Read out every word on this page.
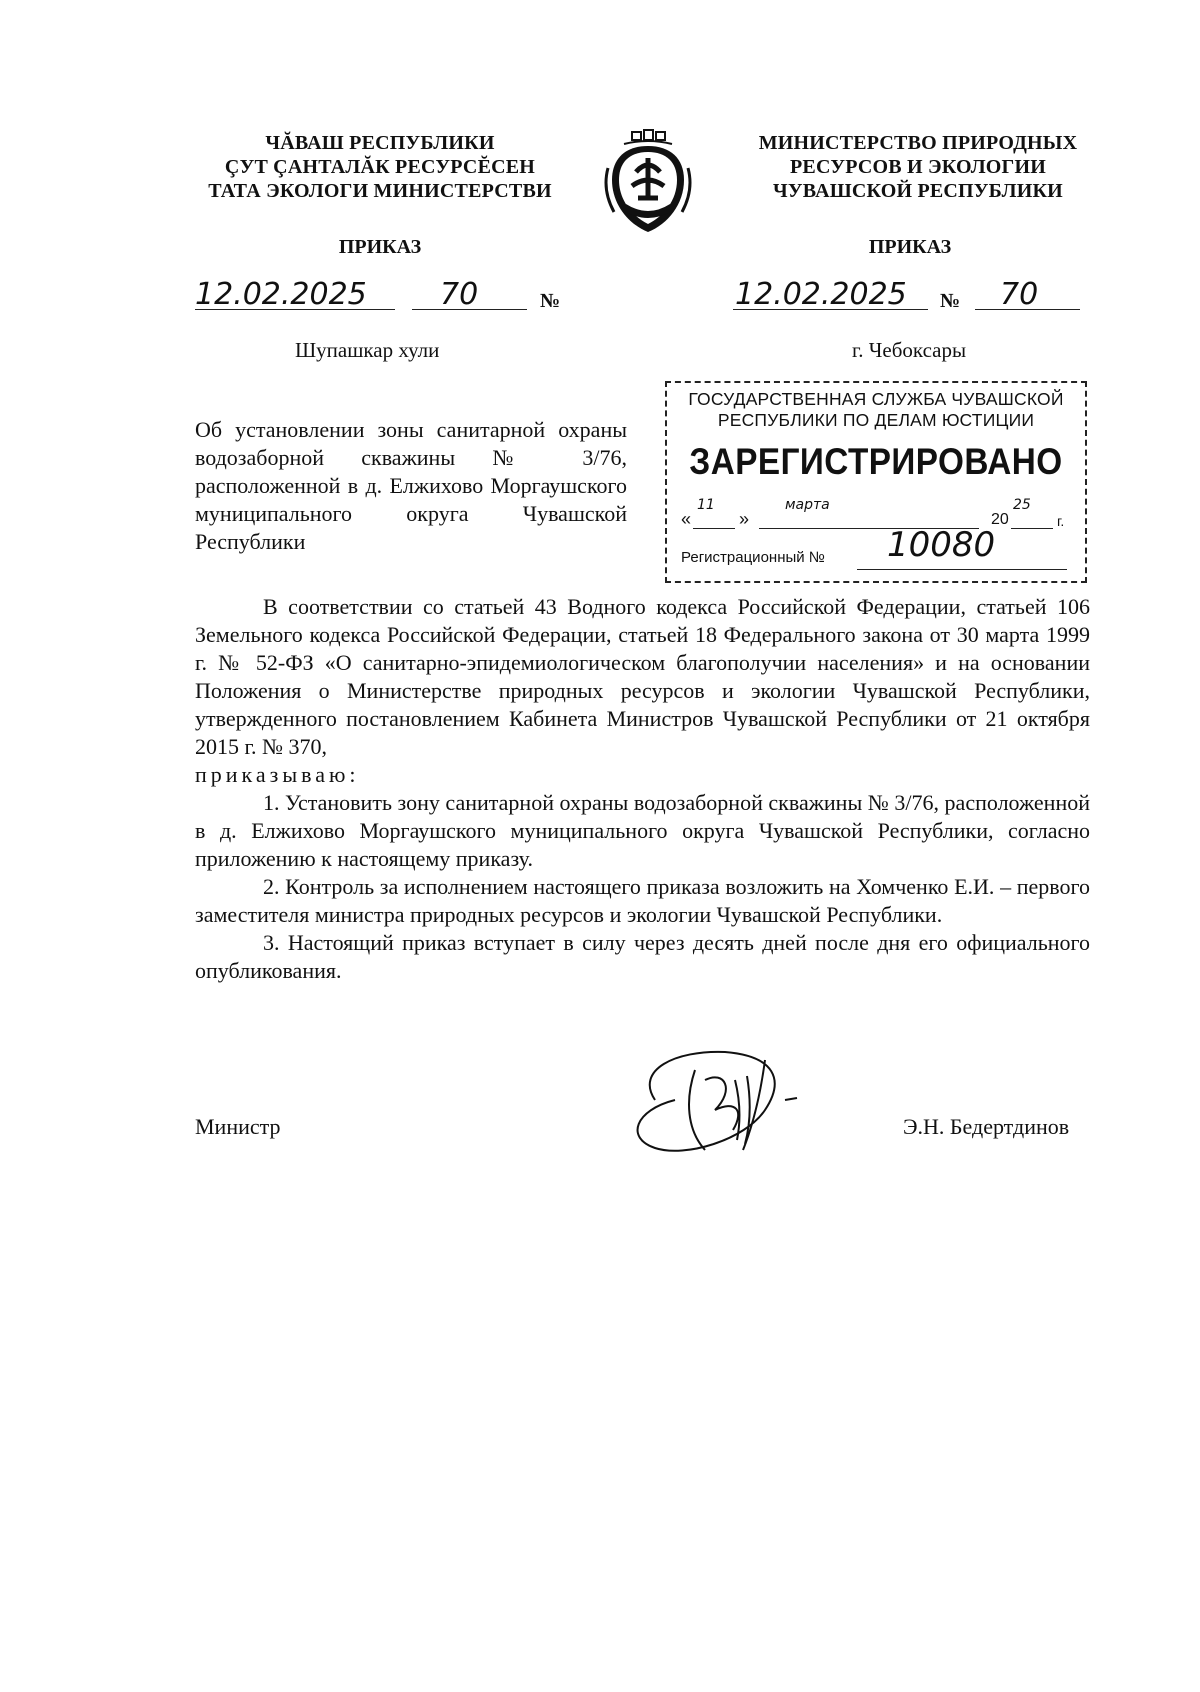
ЧĂВАШ РЕСПУБЛИКИ
ÇУТ ÇАНТАЛĂК РЕСУРСĔСЕН
ТАТА ЭКОЛОГИ МИНИСТЕРСТВИ
МИНИСТЕРСТВО ПРИРОДНЫХ
РЕСУРСОВ И ЭКОЛОГИИ
ЧУВАШСКОЙ РЕСПУБЛИКИ
ПРИКАЗ	ПРИКАЗ
12.02.2025 70	№	12.02.2025 № 70
Шупашкар хули	г. Чебоксары
Об установлении зоны санитарной охраны водозаборной скважины № 3/76, расположенной в д. Елжихово Моргаушского муниципального округа Чувашской Республики
ГОСУДАРСТВЕННАЯ СЛУЖБА ЧУВАШСКОЙ
РЕСПУБЛИКИ ПО ДЕЛАМ ЮСТИЦИИ
ЗАРЕГИСТРИРОВАНО
«
11
»
марта
20
25
г.
Регистрационный № 10080

В соответствии со статьей 43 Водного кодекса Российской Федерации, статьей 106 Земельного кодекса Российской Федерации, статьей 18 Федерального закона от 30 марта 1999 г. № 52-ФЗ «О санитарно-эпидемиологическом благополучии населения» и на основании Положения о Министерстве природных ресурсов и экологии Чувашской Республики, утвержденного постановлением Кабинета Министров Чувашской Республики от 21 октября 2015 г. № 370,

приказываю:

1. Установить зону санитарной охраны водозаборной скважины № 3/76, расположенной в д. Елжихово Моргаушского муниципального округа Чувашской Республики, согласно приложению к настоящему приказу.

2. Контроль за исполнением настоящего приказа возложить на Хомченко Е.И. – первого заместителя министра природных ресурсов и экологии Чувашской Республики.

3. Настоящий приказ вступает в силу через десять дней после дня его официального опубликования.

Министр	Э.Н. Бедертдинов
